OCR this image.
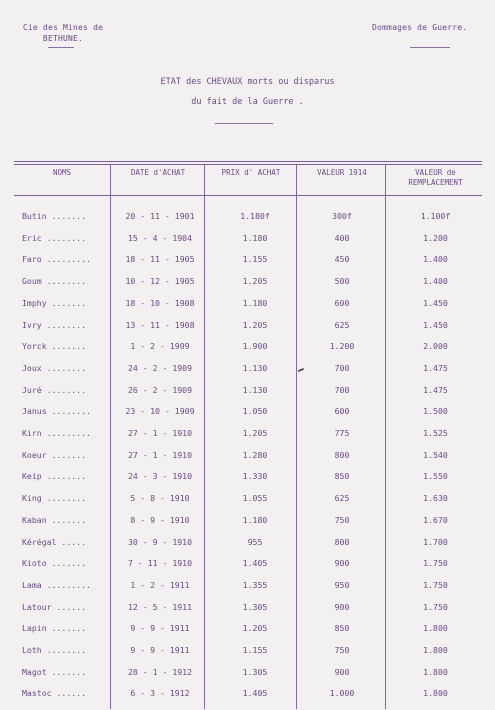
Cie des Mines de
BETHUNE.
Dommages de Guerre.
ETAT des CHEVAUX morts ou disparus
du fait de la Guerre .
NOMS	DATE d'ACHAT	PRIX d' ACHAT	VALEUR 1914	VALEUR de
REMPLACEMENT
Butin .......	20 - 11 - 1901	1.180f	300f	1.100f
Eric ........	15 - 4 - 1904	1.180	400	1.200
Faro .........	18 - 11 - 1905	1.155	450	1.400
Goum ........	10 - 12 - 1905	1.205	500	1.400
Imphy .......	18 - 10 - 1908	1.180	600	1.450
Ivry ........	13 - 11 - 1908	1.205	625	1.450
Yorck .......	1 - 2 - 1909	1.900	1.200	2.000
Joux ........	24 - 2 - 1909	1.130	700	1.475
Juré ........	26 - 2 - 1909	1.130	700	1.475
Janus ........	23 - 10 - 1909	1.050	600	1.500
Kirn .........	27 - 1 - 1910	1.205	775	1.525
Koeur .......	27 - 1 - 1910	1.280	800	1.540
Keip ........	24 - 3 - 1910	1.330	850	1.550
King ........	5 - 8 - 1910	1.055	625	1.630
Kaban .......	8 - 9 - 1910	1.180	750	1.670
Kérégal .....	30 - 9 - 1910	955	800	1.700
Kioto .......	7 - 11 - 1910	1.405	900	1.750
Lama .........	1 - 2 - 1911	1.355	950	1.750
Latour ......	12 - 5 - 1911	1.305	900	1.750
Lapin .......	9 - 9 - 1911	1.205	850	1.800
Loth ........	9 - 9 - 1911	1.155	750	1.800
Magot .......	28 - 1 - 1912	1.305	900	1.800
Mastoc ......	6 - 3 - 1912	1.405	1.000	1.800
